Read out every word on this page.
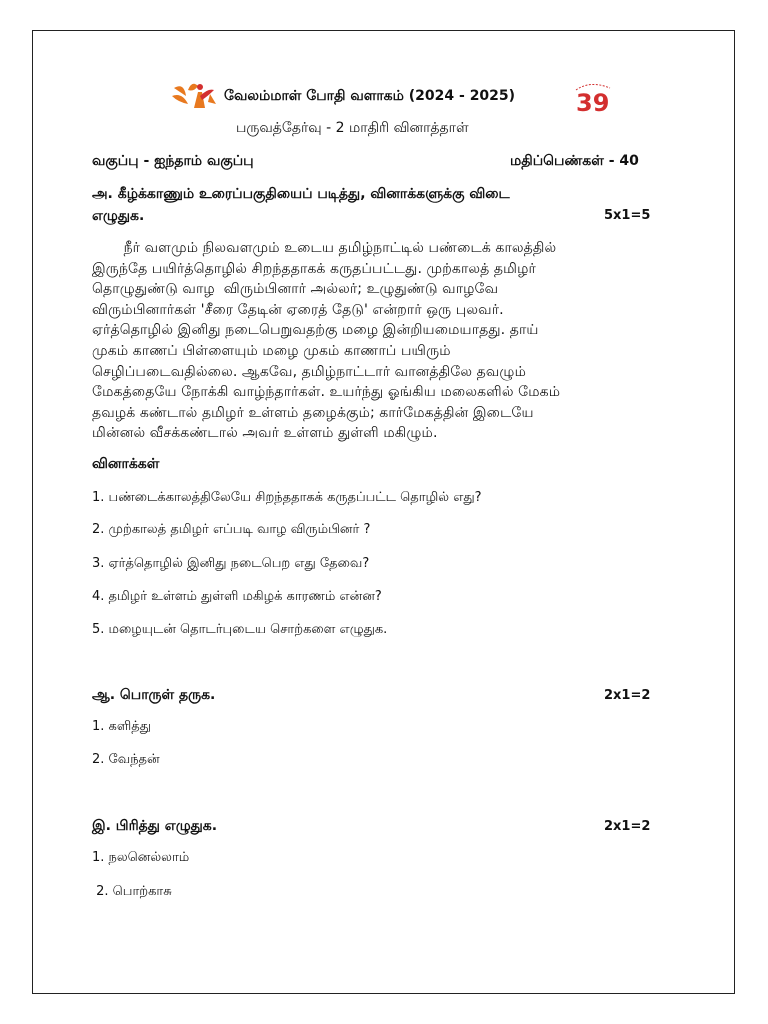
வேலம்மாள் போதி வளாகம் (2024 - 2025)	39
பருவத்தேர்வு - 2 மாதிரி வினாத்தாள்
வகுப்பு - ஐந்தாம் வகுப்பு	மதிப்பெண்கள் - 40
அ. கீழ்க்காணும் உரைப்பகுதியைப் படித்து, வினாக்களுக்கு விடை
எழுதுக.	5x1=5
நீர் வளமும் நிலவளமும் உடைய தமிழ்நாட்டில் பண்டைக் காலத்தில்
இருந்தே பயிர்த்தொழில் சிறந்ததாகக் கருதப்பட்டது. முற்காலத் தமிழர்
தொழுதுண்டு வாழ  விரும்பினார் அல்லர்; உழுதுண்டு வாழவே
விரும்பினார்கள் 'சீரை தேடின் ஏரைத் தேடு' என்றார் ஒரு புலவர்.
ஏர்த்தொழில் இனிது நடைபெறுவதற்கு மழை இன்றியமையாதது. தாய்
முகம் காணப் பிள்ளையும் மழை முகம் காணாப் பயிரும்
செழிப்படைவதில்லை. ஆகவே, தமிழ்நாட்டார் வானத்திலே தவழும்
மேகத்தையே நோக்கி வாழ்ந்தார்கள். உயர்ந்து ஓங்கிய மலைகளில் மேகம்
தவழக் கண்டால் தமிழர் உள்ளம் தழைக்கும்; கார்மேகத்தின் இடையே
மின்னல் வீசக்கண்டால் அவர் உள்ளம் துள்ளி மகிழும்.
வினாக்கள்
1. பண்டைக்காலத்திலேயே சிறந்ததாகக் கருதப்பட்ட தொழில் எது?
2. முற்காலத் தமிழர் எப்படி வாழ விரும்பினர் ?
3. ஏர்த்தொழில் இனிது நடைபெற எது தேவை?
4. தமிழர் உள்ளம் துள்ளி மகிழக் காரணம் என்ன?
5. மழையுடன் தொடர்புடைய சொற்களை எழுதுக.
ஆ. பொருள் தருக.	2x1=2
1. களித்து
2. வேந்தன்
இ. பிரித்து எழுதுக.	2x1=2
1. நலனெல்லாம்
2. பொற்காசு
